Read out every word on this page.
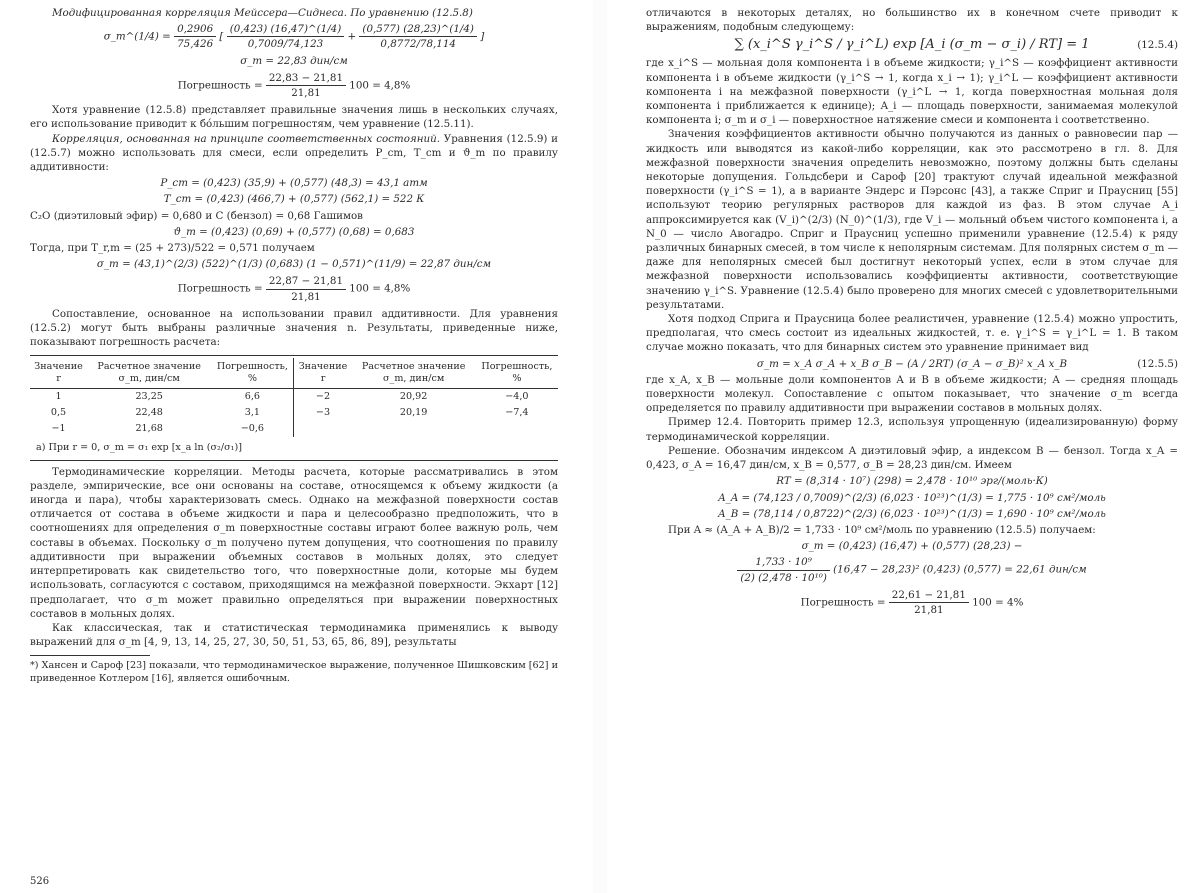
Модифицированная корреляция Мейссера—Сиднеса. По уравнению (12.5.8)

σ_m^(1/4) = $\frac{0,2906}{75,426}$ [ $\frac{(0,423) (16,47)\^{}(1/4)}{0,7009/74,123} + \frac{(0,577) (28,23)\^{}(1/4)}{0,8772/78,114}$ ]
σ_m = 22,83 дин/см
Погрешность = $\frac{22,83 - 21,81}{21,81} 100 = 4,8\%$

Хотя уравнение (12.5.8) представляет правильные значения лишь в нескольких случаях, его использование приводит к бо́льшим погрешностям, чем уравнение (12.5.11).

Корреляция, основанная на принципе соответственных состояний. Уравнения (12.5.9) и (12.5.7) можно использовать для смеси, если определить P_cm, T_cm и ϑ_m по правилу аддитивности:

P_cm = (0,423) (35,9) + (0,577) (48,3) = 43,1 атм
T_cm = (0,423) (466,7) + (0,577) (562,1) = 522 К

C₂O (диэтиловый эфир) = 0,680 и С (бензол) = 0,68 Гашимов

ϑ_m = (0,423) (0,69) + (0,577) (0,68) = 0,683

Тогда, при T_r,m = (25 + 273)/522 = 0,571 получаем

σ_m = (43,1)^(2/3) (522)^(1/3) (0,683) (1 − 0,571)^(11/9) = 22,87 дин/см
Погрешность = $\frac{22,87 - 21,81}{21,81} 100 = 4,8\%$

Сопоставление, основанное на использовании правил аддитивности. Для уравнения (12.5.2) могут быть выбраны различные значения n. Результаты, приведенные ниже, показывают погрешность расчета:

Значение r	Расчетное значение σ_m, дин/см	Погрешность, %	Значение r	Расчетное значение σ_m, дин/см	Погрешность, %
1	23,25	6,6	−2	20,92	−4,0
0,5	22,48	3,1	−3	20,19	−7,4
−1	21,68	−0,6			
a) При r = 0, σ_m = σ₁ exp [x_a ln (σ₂/σ₁)]

Термодинамические корреляции. Методы расчета, которые рассматривались в этом разделе, эмпирические, все они основаны на составе, относящемся к объему жидкости (а иногда и пара), чтобы характеризовать смесь. Однако на межфазной поверхности состав отличается от состава в объеме жидкости и пара и целесообразно предположить, что в соотношениях для определения σ_m поверхностные составы играют более важную роль, чем составы в объемах. Поскольку σ_m получено путем допущения, что соотношения по правилу аддитивности при выражении объемных составов в мольных долях, это следует интерпретировать как свидетельство того, что поверхностные доли, которые мы будем использовать, согласуются с составом, приходящимся на межфазной поверхности. Экхарт [12] предполагает, что σ_m может правильно определяться при выражении поверхностных составов в мольных долях.

Как классическая, так и статистическая термодинамика применялись к выводу выражений для σ_m [4, 9, 13, 14, 25, 27, 30, 50, 51, 53, 65, 86, 89], результаты

*) Хансен и Сароф [23] показали, что термодинамическое выражение, полученное Шишковским [62] и приведенное Котлером [16], является ошибочным.

526

отличаются в некоторых деталях, но большинство их в конечном счете приводит к выражениям, подобным следующему:

∑ (x_i^S γ_i^S / γ_i^L) exp [A_i (σ_m − σ_i) / RT] = 1	(12.5.4)

где x_i^S — мольная доля компонента i в объеме жидкости; γ_i^S — коэффициент активности компонента i в объеме жидкости (γ_i^S → 1, когда x_i → 1); γ_i^L — коэффициент активности компонента i на межфазной поверхности (γ_i^L → 1, когда поверхностная мольная доля компонента i приближается к единице); A_i — площадь поверхности, занимаемая молекулой компонента i; σ_m и σ_i — поверхностное натяжение смеси и компонента i соответственно.

Значения коэффициентов активности обычно получаются из данных о равновесии пар — жидкость или выводятся из какой-либо корреляции, как это рассмотрено в гл. 8. Для межфазной поверхности значения определить невозможно, поэтому должны быть сделаны некоторые допущения. Гольдсбери и Сароф [20] трактуют случай идеальной межфазной поверхности (γ_i^S = 1), а в варианте Эндерс и Пэрсонс [43], а также Сприг и Праусниц [55] используют теорию регулярных растворов для каждой из фаз. В этом случае A_i аппроксимируется как (V_i)^(2/3) (N_0)^(1/3), где V_i — мольный объем чистого компонента i, а N_0 — число Авогадро. Сприг и Праусниц успешно применили уравнение (12.5.4) к ряду различных бинарных смесей, в том числе к неполярным системам. Для полярных систем σ_m — даже для неполярных смесей был достигнут некоторый успех, если в этом случае для межфазной поверхности использовались коэффициенты активности, соответствующие значению γ_i^S. Уравнение (12.5.4) было проверено для многих смесей с удовлетворительными результатами.

Хотя подход Сприга и Праусница более реалистичен, уравнение (12.5.4) можно упростить, предполагая, что смесь состоит из идеальных жидкостей, т. е. γ_i^S = γ_i^L = 1. В таком случае можно показать, что для бинарных систем это уравнение принимает вид

σ_m = x_A σ_A + x_B σ_B − (A / 2RT) (σ_A − σ_B)² x_A x_B	(12.5.5)

где x_A, x_B — мольные доли компонентов A и B в объеме жидкости; A — средняя площадь поверхности молекул. Сопоставление с опытом показывает, что значение σ_m всегда определяется по правилу аддитивности при выражении составов в мольных долях.

Пример 12.4. Повторить пример 12.3, используя упрощенную (идеализированную) форму термодинамической корреляции.

Решение. Обозначим индексом A диэтиловый эфир, а индексом B — бензол. Тогда x_A = 0,423, σ_A = 16,47 дин/см, x_B = 0,577, σ_B = 28,23 дин/см. Имеем

RT = (8,314 · 10⁷) (298) = 2,478 · 10¹⁰ эрг/(моль·К)
A_A = (74,123 / 0,7009)^(2/3) (6,023 · 10²³)^(1/3) = 1,775 · 10⁹ см²/моль
A_B = (78,114 / 0,8722)^(2/3) (6,023 · 10²³)^(1/3) = 1,690 · 10⁹ см²/моль

При A ≈ (A_A + A_B)/2 = 1,733 · 10⁹ см²/моль по уравнению (12.5.5) получаем:

σ_m = (0,423) (16,47) + (0,577) (28,23) −
$\frac{\text{1,733 · 10⁹}}{\text{(2) (2,478 · 10¹⁰)}} (16,47 - 28,23)^2$ (0,423) (0,577) = 22,61 дин/см
Погрешность = $\frac{22,61 - 21,81}{21,81} 100 = 4\%$
